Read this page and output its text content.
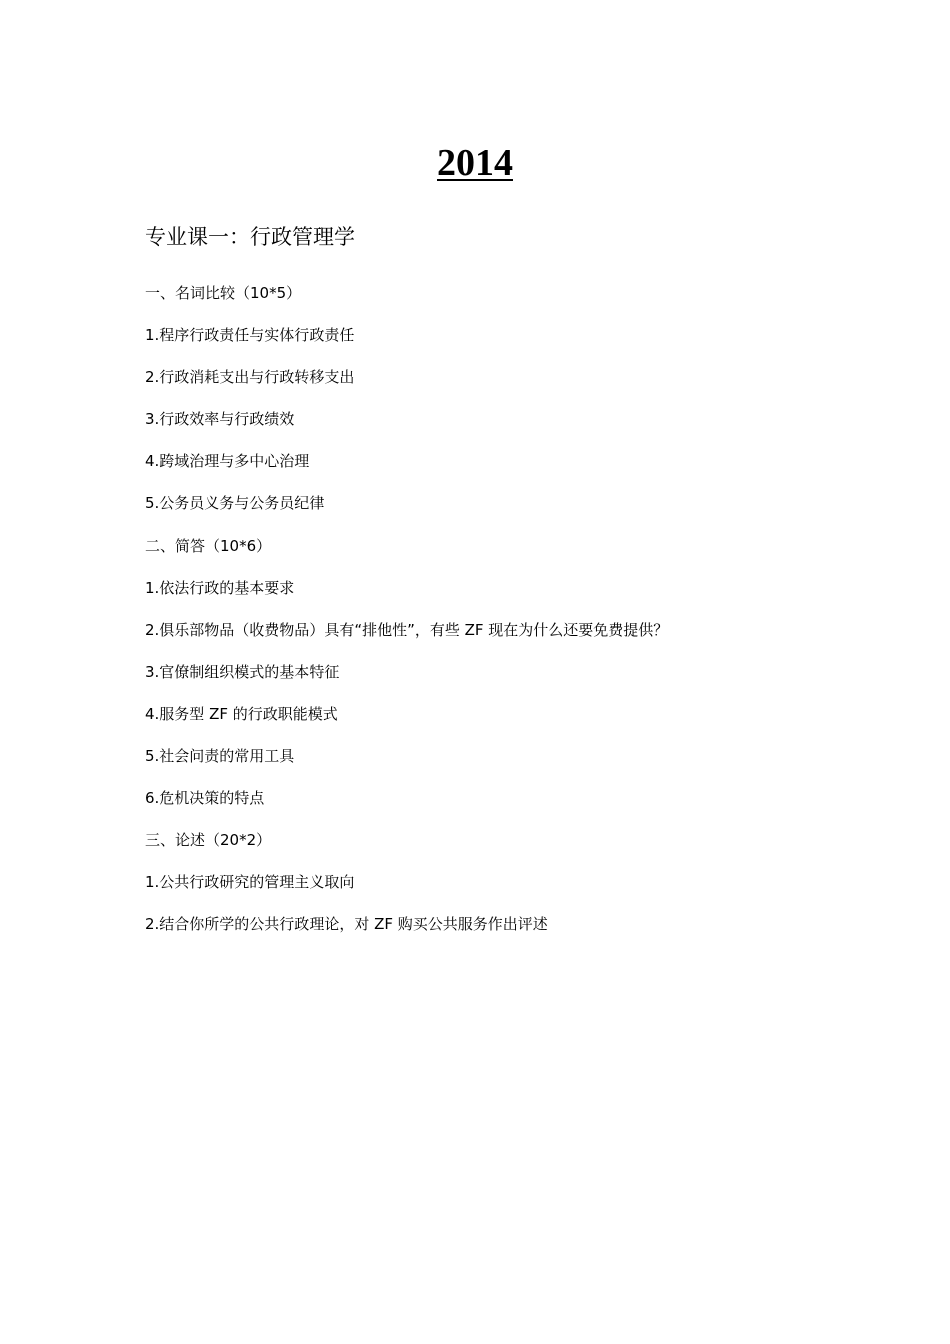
2014
专业课一：行政管理学
一、名词比较（10*5）
1.程序行政责任与实体行政责任
2.行政消耗支出与行政转移支出
3.行政效率与行政绩效
4.跨域治理与多中心治理
5.公务员义务与公务员纪律
二、简答（10*6）
1.依法行政的基本要求
2.俱乐部物品（收费物品）具有“排他性”，有些 ZF 现在为什么还要免费提供？
3.官僚制组织模式的基本特征
4.服务型 ZF 的行政职能模式
5.社会问责的常用工具
6.危机决策的特点
三、论述（20*2）
1.公共行政研究的管理主义取向
2.结合你所学的公共行政理论，对 ZF 购买公共服务作出评述
